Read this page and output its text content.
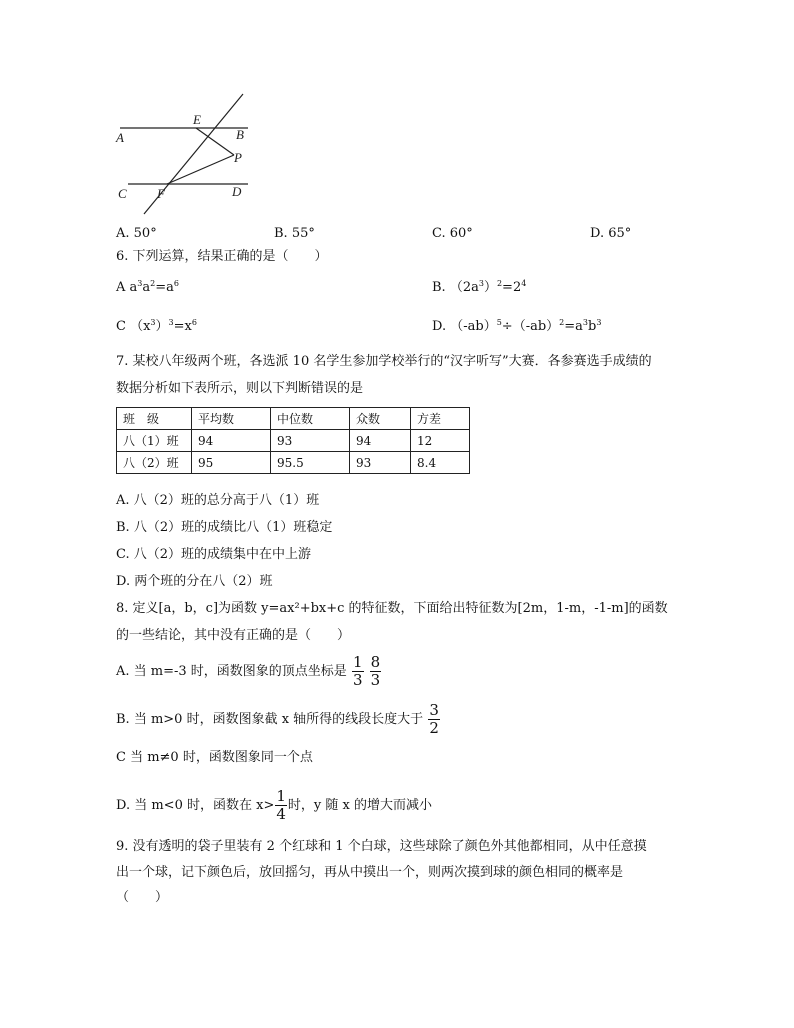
A
E
B
P
C F	D
A. 50°	B. 55°	C. 60°	D. 65°
6. 下列运算，结果正确的是（　　）
A $a^3a^2=a^6$	B. $(2a^3)^2=2^4$
C $(x^3)^3=x^6$	D. $(-ab)^5\div(-ab)^2=a^3b^3$
7. 某校八年级两个班，各选派 10 名学生参加学校举行的“汉字听写”大赛．各参赛选手成绩的
数据分析如下表所示，则以下判断错误的是
班　级	平均数	中位数	众数	方差
八（1）班	94	93	94	12
八（2）班	95	95.5	93	8.4
A. 八（2）班的总分高于八（1）班
B. 八（2）班的成绩比八（1）班稳定
C. 八（2）班的成绩集中在中上游
D. 两个班的分在八（2）班
8. 定义[a，b，c]为函数 y=ax²+bx+c 的特征数，下面给出特征数为[2m，1-m，-1-m]的函数
的一些结论，其中没有正确的是（　　）
A. 当 m=-3 时，函数图象的顶点坐标是 $\frac{1}{3}$
$\frac{8}{3}$
B. 当 m>0 时，函数图象截 x 轴所得的线段长度大于 $\frac{3}{2}$
C 当 m≠0 时，函数图象同一个点
D. 当 m<0 时，函数在 $x> \frac{1}{4}$ 时，y 随 x 的增大而减小
9. 没有透明的袋子里装有 2 个红球和 1 个白球，这些球除了颜色外其他都相同，从中任意摸
出一个球，记下颜色后，放回摇匀，再从中摸出一个，则两次摸到球的颜色相同的概率是
（　　）
